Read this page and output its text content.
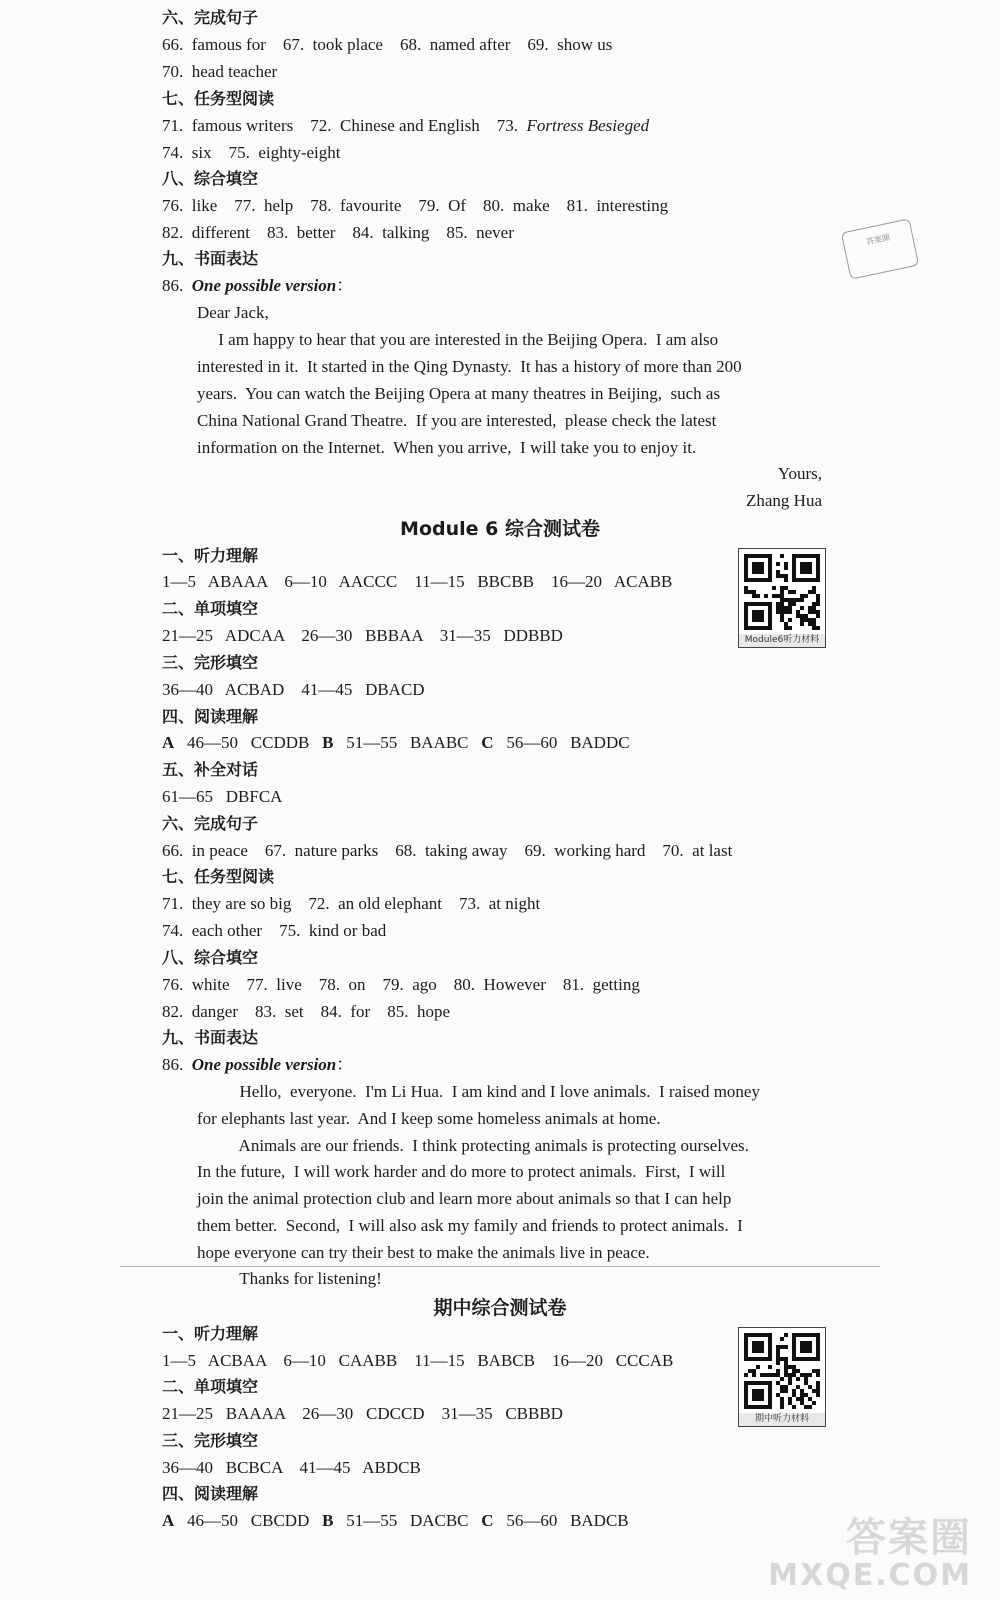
六、完成句子
66.  famous for    67.  took place    68.  named after    69.  show us
70.  head teacher
七、任务型阅读
71.  famous writers    72.  Chinese and English    73.  Fortress Besieged
74.  six    75.  eighty-eight
八、综合填空
76.  like    77.  help    78.  favourite    79.  Of    80.  make    81.  interesting
82.  different    83.  better    84.  talking    85.  never
九、书面表达
86.  One possible version：
Dear Jack,
I am happy to hear that you are interested in the Beijing Opera.  I am also
interested in it.  It started in the Qing Dynasty.  It has a history of more than 200
years.  You can watch the Beijing Opera at many theatres in Beijing,  such as
China National Grand Theatre.  If you are interested,  please check the latest
information on the Internet.  When you arrive,  I will take you to enjoy it.
Yours,
Zhang Hua
答案圈
Module 6 综合测试卷
一、听力理解
1—5   ABAAA    6—10   AACCC    11—15   BBCBB    16—20   ACABB
二、单项填空
21—25   ADCAA    26—30   BBBAA    31—35   DDBBD
三、完形填空
36—40   ACBAD    41—45   DBACD
四、阅读理解
A   46—50   CCDDB   B   51—55   BAABC   C   56—60   BADDC
五、补全对话
61—65   DBFCA
六、完成句子
66.  in peace    67.  nature parks    68.  taking away    69.  working hard    70.  at last
七、任务型阅读
71.  they are so big    72.  an old elephant    73.  at night
74.  each other    75.  kind or bad
八、综合填空
76.  white    77.  live    78.  on    79.  ago    80.  However    81.  getting
82.  danger    83.  set    84.  for    85.  hope
九、书面表达
86.  One possible version：
Hello,  everyone.  I'm Li Hua.  I am kind and I love animals.  I raised money
for elephants last year.  And I keep some homeless animals at home.
Animals are our friends.  I think protecting animals is protecting ourselves.
In the future,  I will work harder and do more to protect animals.  First,  I will
join the animal protection club and learn more about animals so that I can help
them better.  Second,  I will also ask my family and friends to protect animals.  I
hope everyone can try their best to make the animals live in peace.
Thanks for listening!
Module6听力材料
期中综合测试卷
一、听力理解
1—5   ACBAA    6—10   CAABB    11—15   BABCB    16—20   CCCAB
二、单项填空
21—25   BAAAA    26—30   CDCCD    31—35   CBBBD
三、完形填空
36—40   BCBCA    41—45   ABDCB
四、阅读理解
A   46—50   CBCDD   B   51—55   DACBC   C   56—60   BADCB
期中听力材料
答案圈
MXQE.COM
